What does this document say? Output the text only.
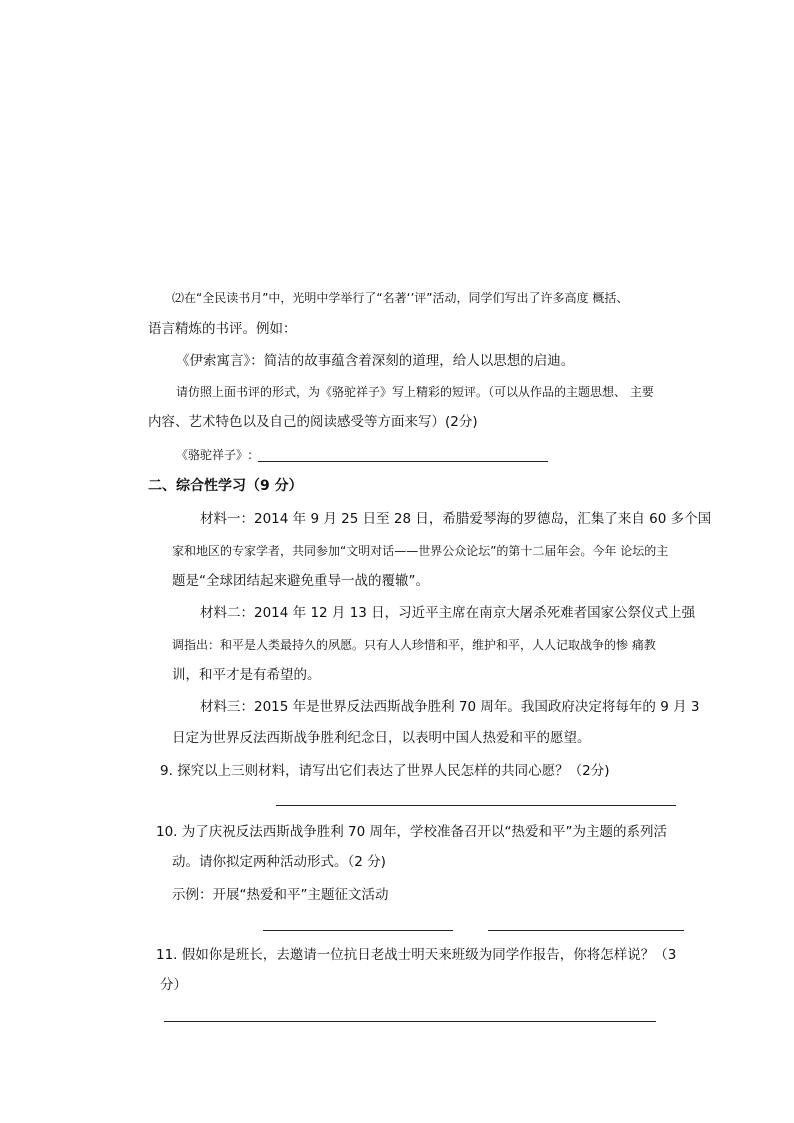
⑵在“全民读书月”中，光明中学举行了“名著‘’评”活动，同学们写出了许多高度 概括、
语言精炼的书评。例如：
《伊索寓言》：简洁的故事蕴含着深刻的道理，给人以思想的启迪。
请仿照上面书评的形式，为《骆驼祥子》写上精彩的短评。（可以从作品的主题思想、 主要
内容、艺术特色以及自己的阅读感受等方面来写）(2分)
《骆驼祥子》:
二、综合性学习（9 分）
材料一：2014 年 9 月 25 日至 28 日，希腊爱琴海的罗德岛，汇集了来自 60 多个国
家和地区的专家学者，共同参加“文明对话——世界公众论坛”的第十二届年会。今年 论坛的主
题是“全球团结起来避免重导一战的覆辙”。
材料二：2014 年 12 月 13 日，习近平主席在南京大屠杀死难者国家公祭仪式上强
调指出：和平是人类最持久的夙愿。只有人人珍惜和平，维护和平，人人记取战争的惨 痛教
训，和平才是有希望的。
材料三：2015 年是世界反法西斯战争胜利 70 周年。我国政府决定将每年的 9 月 3
日定为世界反法西斯战争胜利纪念日，以表明中国人热爱和平的愿望。
9. 探究以上三则材料，请写出它们表达了世界人民怎样的共同心愿？（2分)
10. 为了庆祝反法西斯战争胜利 70 周年，学校准备召开以“热爱和平”为主题的系列活
动。请你拟定两种活动形式。（2 分)
示例：开展“热爱和平”主题征文活动
11. 假如你是班长，去邀请一位抗日老战士明天来班级为同学作报告，你将怎样说？（3
分）
